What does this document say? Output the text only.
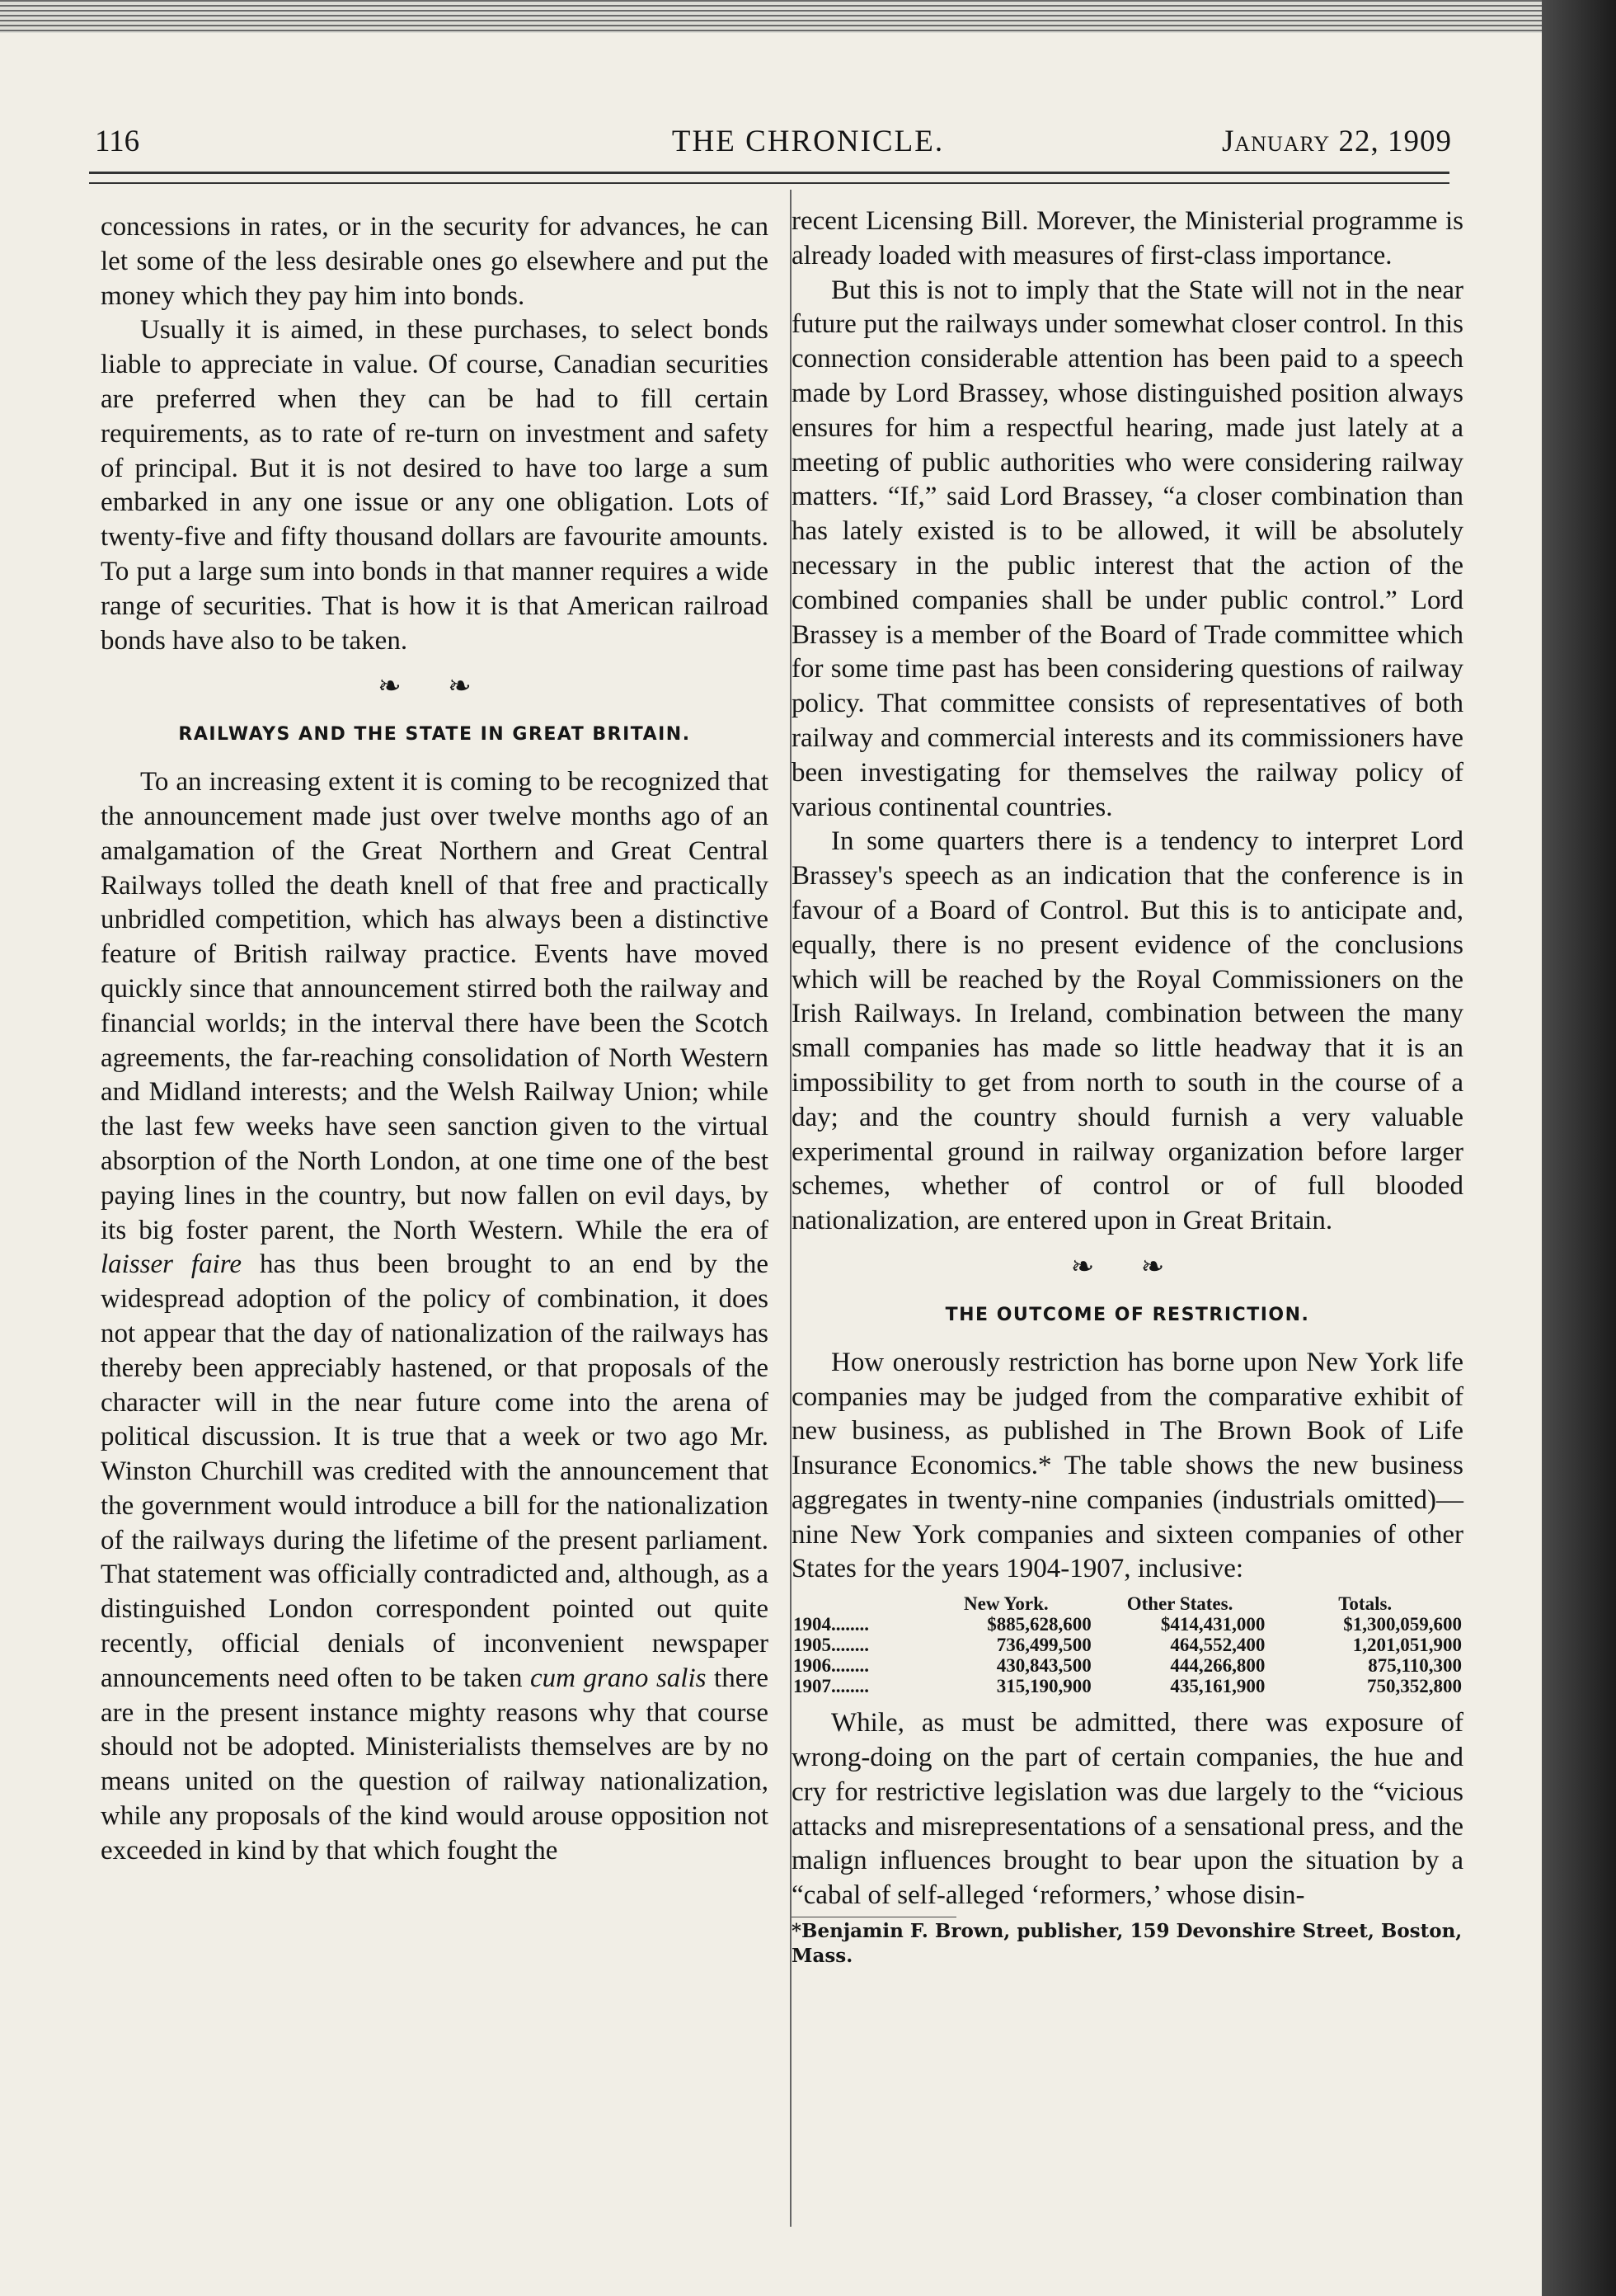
116	THE CHRONICLE.	January 22, 1909

concessions in rates, or in the security for advances, he can let some of the less desirable ones go elsewhere and put the money which they pay him into bonds.

Usually it is aimed, in these purchases, to select bonds liable to appreciate in value. Of course, Canadian securities are preferred when they can be had to fill certain requirements, as to rate of re-turn on investment and safety of principal. But it is not desired to have too large a sum embarked in any one issue or any one obligation. Lots of twenty-five and fifty thousand dollars are favourite amounts. To put a large sum into bonds in that manner requires a wide range of securities. That is how it is that American railroad bonds have also to be taken.

❧ ❧
RAILWAYS AND THE STATE IN GREAT BRITAIN.

To an increasing extent it is coming to be recognized that the announcement made just over twelve months ago of an amalgamation of the Great Northern and Great Central Railways tolled the death knell of that free and practically unbridled competition, which has always been a distinctive feature of British railway practice. Events have moved quickly since that announcement stirred both the railway and financial worlds; in the interval there have been the Scotch agreements, the far-reaching consolidation of North Western and Midland interests; and the Welsh Railway Union; while the last few weeks have seen sanction given to the virtual absorption of the North London, at one time one of the best paying lines in the country, but now fallen on evil days, by its big foster parent, the North Western. While the era of laisser faire has thus been brought to an end by the widespread adoption of the policy of combination, it does not appear that the day of nationalization of the railways has thereby been appreciably hastened, or that proposals of the character will in the near future come into the arena of political discussion. It is true that a week or two ago Mr. Winston Churchill was credited with the announcement that the government would introduce a bill for the nationalization of the railways during the lifetime of the present parliament. That statement was officially contradicted and, although, as a distinguished London correspondent pointed out quite recently, official denials of inconvenient newspaper announcements need often to be taken cum grano salis there are in the present instance mighty reasons why that course should not be adopted. Ministerialists themselves are by no means united on the question of railway nationalization, while any proposals of the kind would arouse opposition not exceeded in kind by that which fought the

recent Licensing Bill. Morever, the Ministerial programme is already loaded with measures of first-class importance.

But this is not to imply that the State will not in the near future put the railways under somewhat closer control. In this connection considerable attention has been paid to a speech made by Lord Brassey, whose distinguished position always ensures for him a respectful hearing, made just lately at a meeting of public authorities who were considering railway matters. “If,” said Lord Brassey, “a closer combination than has lately existed is to be allowed, it will be absolutely necessary in the public interest that the action of the combined companies shall be under public control.” Lord Brassey is a member of the Board of Trade committee which for some time past has been considering questions of railway policy. That committee consists of representatives of both railway and commercial interests and its commissioners have been investigating for themselves the railway policy of various continental countries.

In some quarters there is a tendency to interpret Lord Brassey's speech as an indication that the conference is in favour of a Board of Control. But this is to anticipate and, equally, there is no present evidence of the conclusions which will be reached by the Royal Commissioners on the Irish Railways. In Ireland, combination between the many small companies has made so little headway that it is an impossibility to get from north to south in the course of a day; and the country should furnish a very valuable experimental ground in railway organization before larger schemes, whether of control or of full blooded nationalization, are entered upon in Great Britain.

❧ ❧
THE OUTCOME OF RESTRICTION.

How onerously restriction has borne upon New York life companies may be judged from the comparative exhibit of new business, as published in The Brown Book of Life Insurance Economics.* The table shows the new business aggregates in twenty-nine companies (industrials omitted)—nine New York companies and sixteen companies of other States for the years 1904-1907, inclusive:

	New York.	Other States.	Totals.
1904........	$885,628,600	$414,431,000	$1,300,059,600
1905........	736,499,500	464,552,400	1,201,051,900
1906........	430,843,500	444,266,800	875,110,300
1907........	315,190,900	435,161,900	750,352,800

While, as must be admitted, there was exposure of wrong-doing on the part of certain companies, the hue and cry for restrictive legislation was due largely to the “vicious attacks and misrepresentations of a sensational press, and the malign influences brought to bear upon the situation by a “cabal of self-alleged ‘reformers,’ whose disin-

*Benjamin F. Brown, publisher, 159 Devonshire Street, Boston, Mass.
